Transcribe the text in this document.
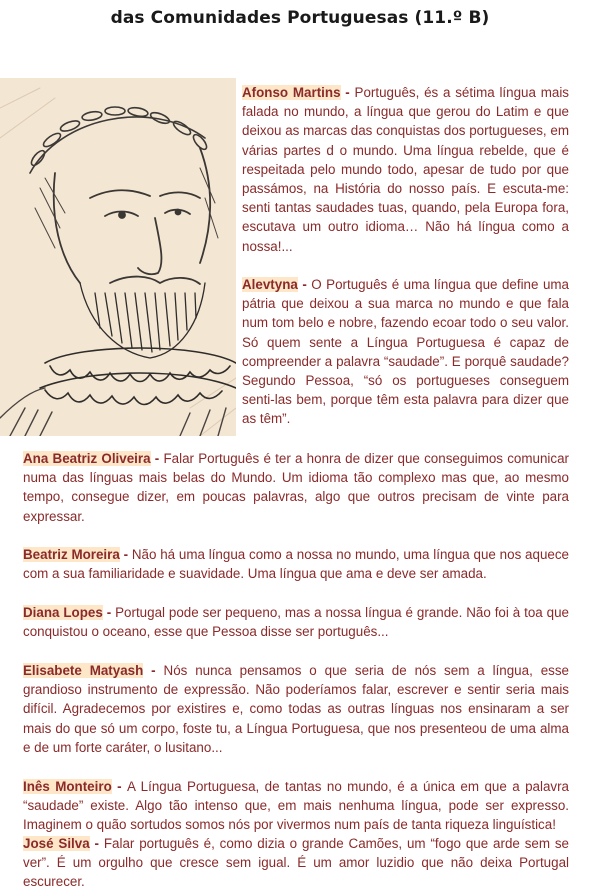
das Comunidades Portuguesas (11.º B)

Afonso Martins - Português, és a sétima língua mais falada no mundo, a língua que gerou do Latim e que deixou as marcas das conquistas dos portugueses, em várias partes d o mundo. Uma língua rebelde, que é respeitada pelo mundo todo, apesar de tudo por que passámos, na História do nosso país. E escuta-me: senti tantas saudades tuas, quando, pela Europa fora, escutava um outro idioma… Não há língua como a nossa!...

Alevtyna - O Português é uma língua que define uma pátria que deixou a sua marca no mundo e que fala num tom belo e nobre, fazendo ecoar todo o seu valor. Só quem sente a Língua Portuguesa é capaz de compreender a palavra “saudade”. E porquê saudade? Segundo Pessoa, “só os portugueses conseguem senti-las bem, porque têm esta palavra para dizer que as têm”.

Ana Beatriz Oliveira - Falar Português é ter a honra de dizer que conseguimos comunicar numa das línguas mais belas do Mundo. Um idioma tão complexo mas que, ao mesmo tempo, consegue dizer, em poucas palavras, algo que outros precisam de vinte para expressar.

Beatriz Moreira - Não há uma língua como a nossa no mundo, uma língua que nos aquece com a sua familiaridade e suavidade. Uma língua que ama e deve ser amada.

Diana Lopes - Portugal pode ser pequeno, mas a nossa língua é grande. Não foi à toa que conquistou o oceano, esse que Pessoa disse ser português...

Elisabete Matyash - Nós nunca pensamos o que seria de nós sem a língua, esse grandioso instrumento de expressão. Não poderíamos falar, escrever e sentir seria mais difícil. Agradecemos por existires e, como todas as outras línguas nos ensinaram a ser mais do que só um corpo, foste tu, a Língua Portuguesa, que nos presenteou de uma alma e de um forte caráter, o lusitano...

Inês Monteiro - A Língua Portuguesa, de tantas no mundo, é a única em que a palavra “saudade” existe. Algo tão intenso que, em mais nenhuma língua, pode ser expresso. Imaginem o quão sortudos somos nós por vivermos num país de tanta riqueza linguística!

José Silva - Falar português é, como dizia o grande Camões, um “fogo que arde sem se ver”. É um orgulho que cresce sem igual. É um amor luzidio que não deixa Portugal escurecer.
